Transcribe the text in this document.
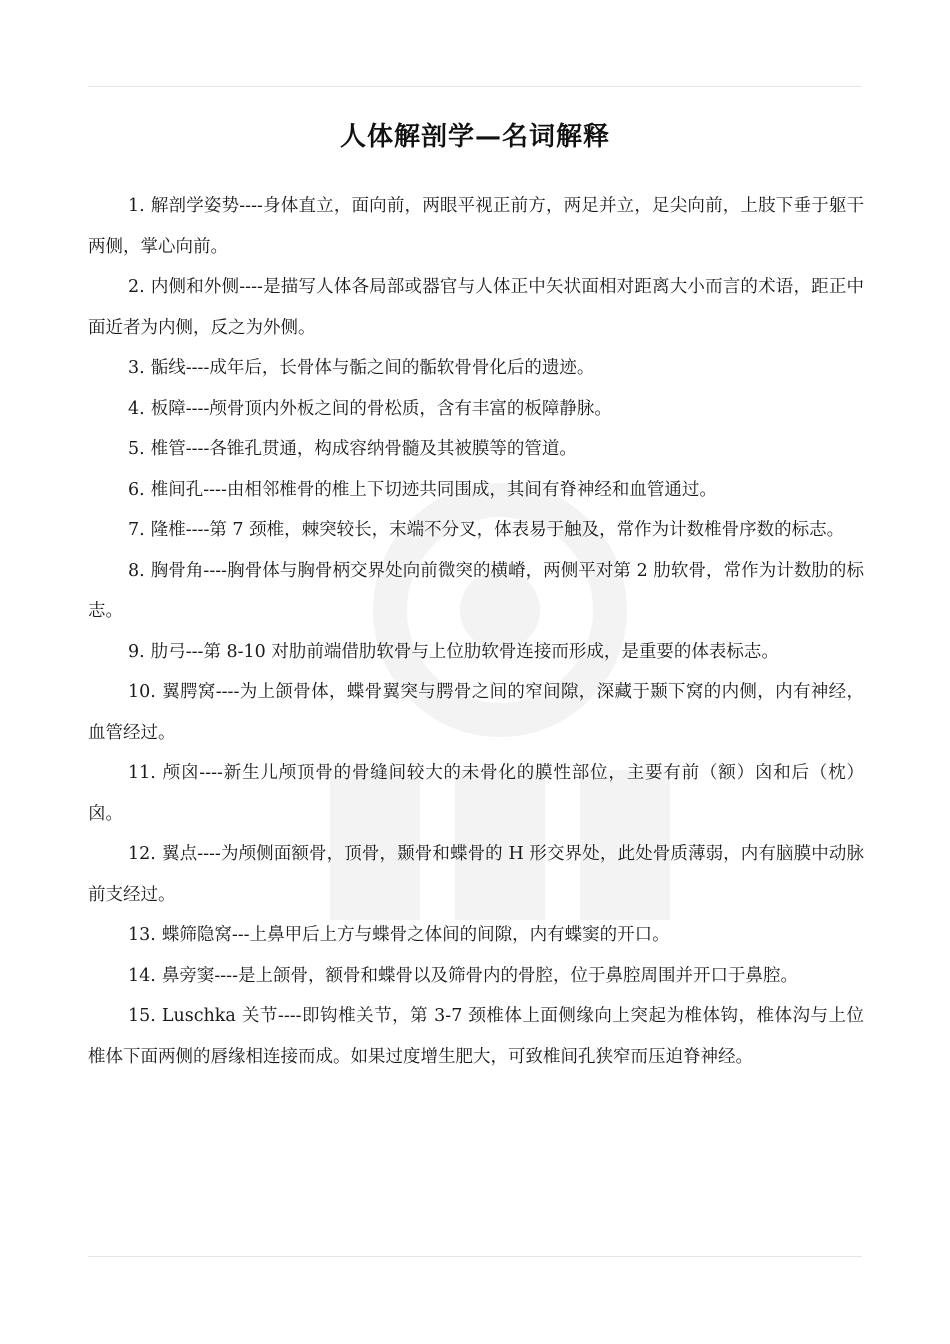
人体解剖学—名词解释

1. 解剖学姿势----身体直立，面向前，两眼平视正前方，两足并立，足尖向前，上肢下垂于躯干两侧，掌心向前。

2. 内侧和外侧----是描写人体各局部或器官与人体正中矢状面相对距离大小而言的术语，距正中面近者为内侧，反之为外侧。

3. 骺线----成年后，长骨体与骺之间的骺软骨骨化后的遗迹。

4. 板障----颅骨顶内外板之间的骨松质，含有丰富的板障静脉。

5. 椎管----各锥孔贯通，构成容纳骨髓及其被膜等的管道。

6. 椎间孔----由相邻椎骨的椎上下切迹共同围成，其间有脊神经和血管通过。

7. 隆椎----第 7 颈椎，棘突较长，末端不分叉，体表易于触及，常作为计数椎骨序数的标志。

8. 胸骨角----胸骨体与胸骨柄交界处向前微突的横嵴，两侧平对第 2 肋软骨，常作为计数肋的标志。

9. 肋弓---第 8-10 对肋前端借肋软骨与上位肋软骨连接而形成，是重要的体表标志。

10. 翼腭窝----为上颌骨体，蝶骨翼突与腭骨之间的窄间隙，深藏于颞下窝的内侧，内有神经，血管经过。

11. 颅囟----新生儿颅顶骨的骨缝间较大的未骨化的膜性部位，主要有前（额）囟和后（枕）囟。

12. 翼点----为颅侧面额骨，顶骨，颞骨和蝶骨的 H 形交界处，此处骨质薄弱，内有脑膜中动脉前支经过。

13. 蝶筛隐窝---上鼻甲后上方与蝶骨之体间的间隙，内有蝶窦的开口。

14. 鼻旁窦----是上颌骨，额骨和蝶骨以及筛骨内的骨腔，位于鼻腔周围并开口于鼻腔。

15. Luschka 关节----即钩椎关节，第 3-7 颈椎体上面侧缘向上突起为椎体钩，椎体沟与上位椎体下面两侧的唇缘相连接而成。如果过度增生肥大，可致椎间孔狭窄而压迫脊神经。
